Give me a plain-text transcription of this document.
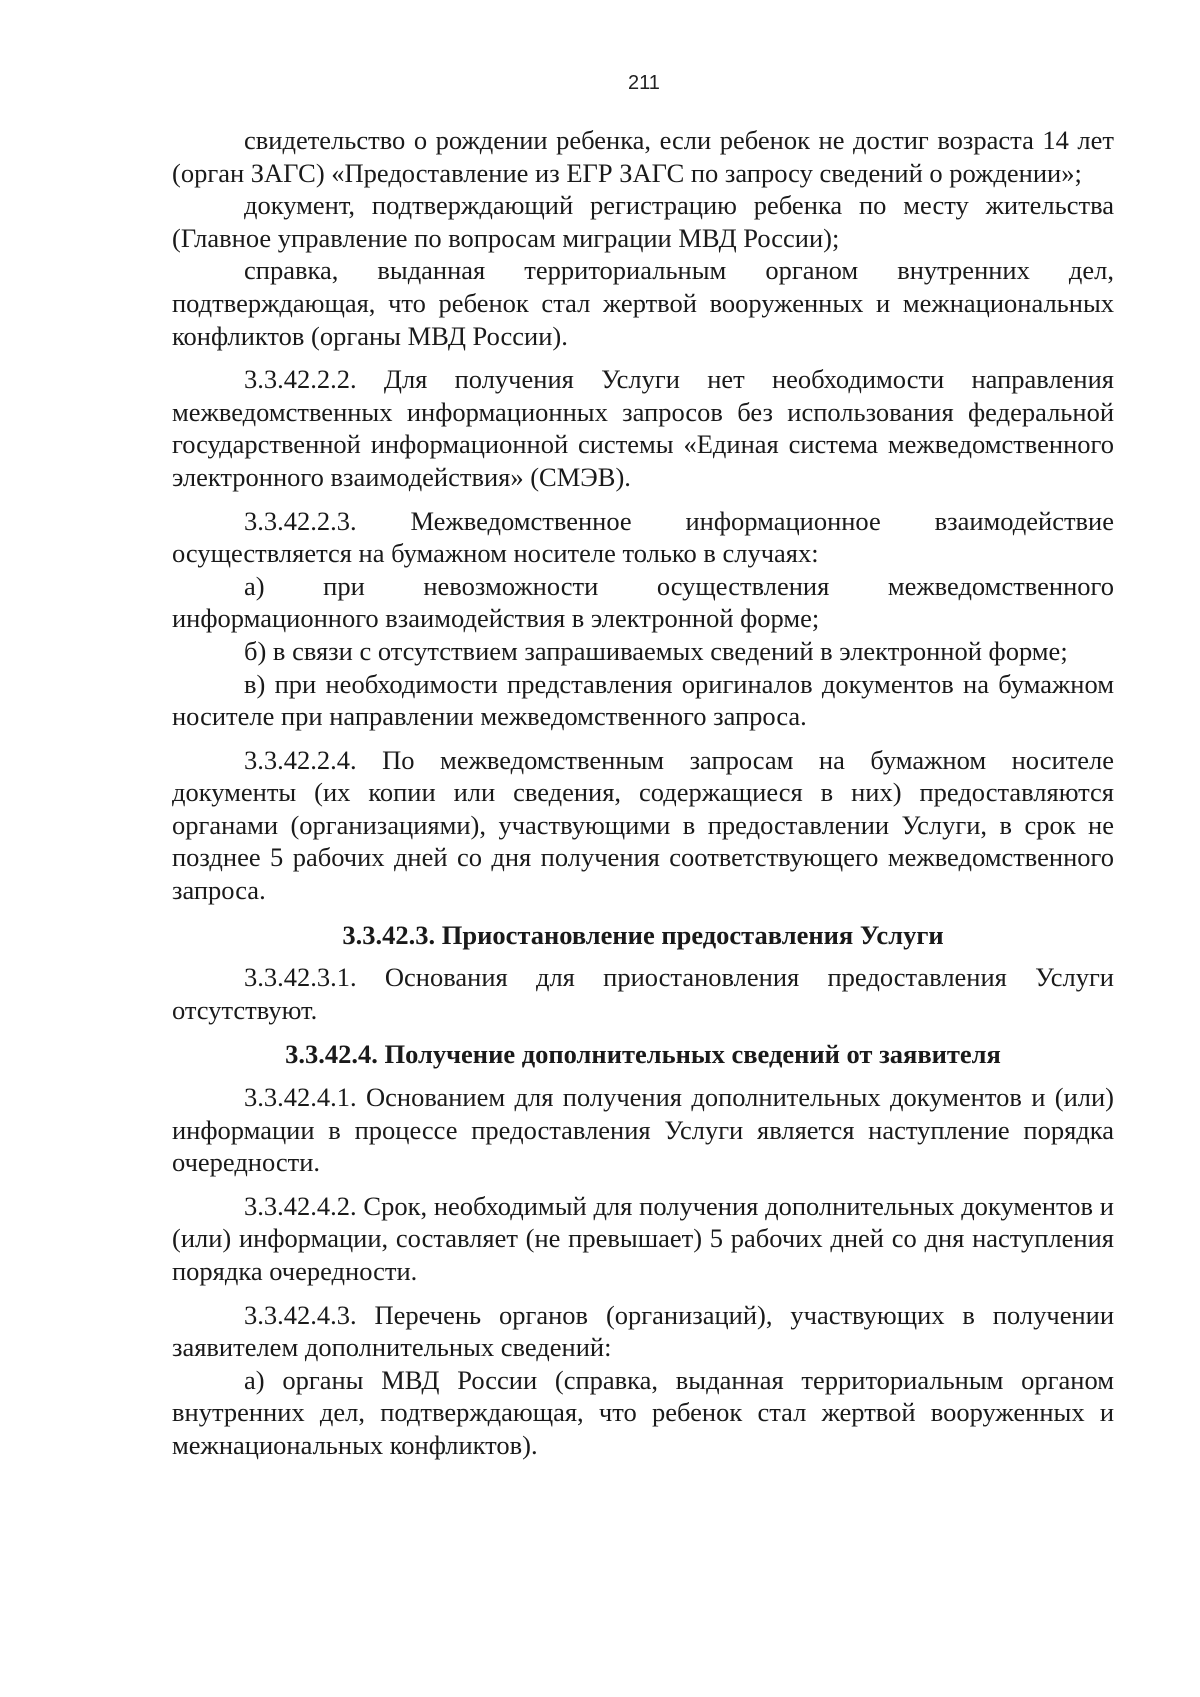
211

свидетельство о рождении ребенка, если ребенок не достиг возраста 14 лет (орган ЗАГС) «Предоставление из ЕГР ЗАГС по запросу сведений о рождении»;

документ, подтверждающий регистрацию ребенка по месту жительства (Главное управление по вопросам миграции МВД России);

справка, выданная территориальным органом внутренних дел, подтверждающая, что ребенок стал жертвой вооруженных и межнациональных конфликтов (органы МВД России).

3.3.42.2.2. Для получения Услуги нет необходимости направления межведомственных информационных запросов без использования федеральной государственной информационной системы «Единая система межведомственного электронного взаимодействия» (СМЭВ).

3.3.42.2.3. Межведомственное информационное взаимодействие осуществляется на бумажном носителе только в случаях:

а) при невозможности осуществления межведомственного информационного взаимодействия в электронной форме;

б) в связи с отсутствием запрашиваемых сведений в электронной форме;

в) при необходимости представления оригиналов документов на бумажном носителе при направлении межведомственного запроса.

3.3.42.2.4. По межведомственным запросам на бумажном носителе документы (их копии или сведения, содержащиеся в них) предоставляются органами (организациями), участвующими в предоставлении Услуги, в срок не позднее 5 рабочих дней со дня получения соответствующего межведомственного запроса.

3.3.42.3. Приостановление предоставления Услуги

3.3.42.3.1. Основания для приостановления предоставления Услуги отсутствуют.

3.3.42.4. Получение дополнительных сведений от заявителя

3.3.42.4.1. Основанием для получения дополнительных документов и (или) информации в процессе предоставления Услуги является наступление порядка очередности.

3.3.42.4.2. Срок, необходимый для получения дополнительных документов и (или) информации, составляет (не превышает) 5 рабочих дней со дня наступления порядка очередности.

3.3.42.4.3. Перечень органов (организаций), участвующих в получении заявителем дополнительных сведений:

а) органы МВД России (справка, выданная территориальным органом внутренних дел, подтверждающая, что ребенок стал жертвой вооруженных и межнациональных конфликтов).
